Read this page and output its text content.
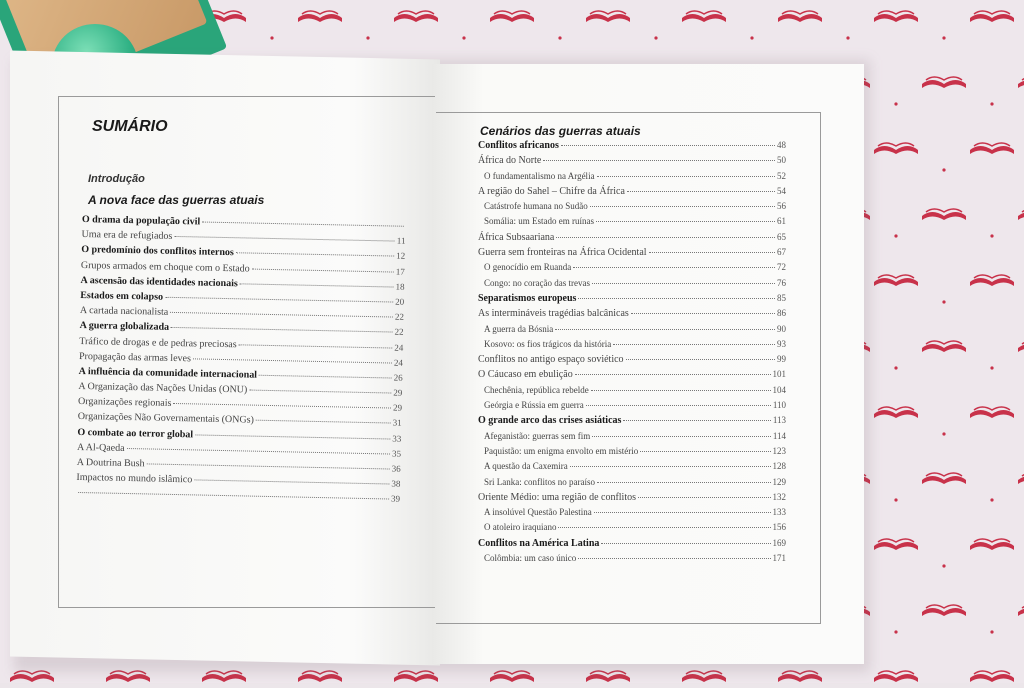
SUMÁRIO
Introdução
A nova face das guerras atuais
Cenários das guerras atuais
O drama da população civil
Uma era de refugiados	11
O predomínio dos conflitos internos	12
Grupos armados em choque com o Estado	17
A ascensão das identidades nacionais	18
Estados em colapso	20
A cartada nacionalista	22
A guerra globalizada	22
Tráfico de drogas e de pedras preciosas	24
Propagação das armas leves	24
A influência da comunidade internacional	26
A Organização das Nações Unidas (ONU)	29
Organizações regionais	29
Organizações Não Governamentais (ONGs)	31
O combate ao terror global	33
A Al-Qaeda	35
A Doutrina Bush	36
Impactos no mundo islâmico	38
39
Conflitos africanos	48
África do Norte	50
O fundamentalismo na Argélia	52
A região do Sahel – Chifre da África	54
Catástrofe humana no Sudão	56
Somália: um Estado em ruínas	61
África Subsaariana	65
Guerra sem fronteiras na África Ocidental	67
O genocídio em Ruanda	72
Congo: no coração das trevas	76
Separatismos europeus	85
As intermináveis tragédias balcânicas	86
A guerra da Bósnia	90
Kosovo: os fios trágicos da história	93
Conflitos no antigo espaço soviético	99
O Cáucaso em ebulição	101
Chechênia, república rebelde	104
Geórgia e Rússia em guerra	110
O grande arco das crises asiáticas	113
Afeganistão: guerras sem fim	114
Paquistão: um enigma envolto em mistério	123
A questão da Caxemira	128
Sri Lanka: conflitos no paraíso	129
Oriente Médio: uma região de conflitos	132
A insolúvel Questão Palestina	133
O atoleiro iraquiano	156
Conflitos na América Latina	169
Colômbia: um caso único	171
